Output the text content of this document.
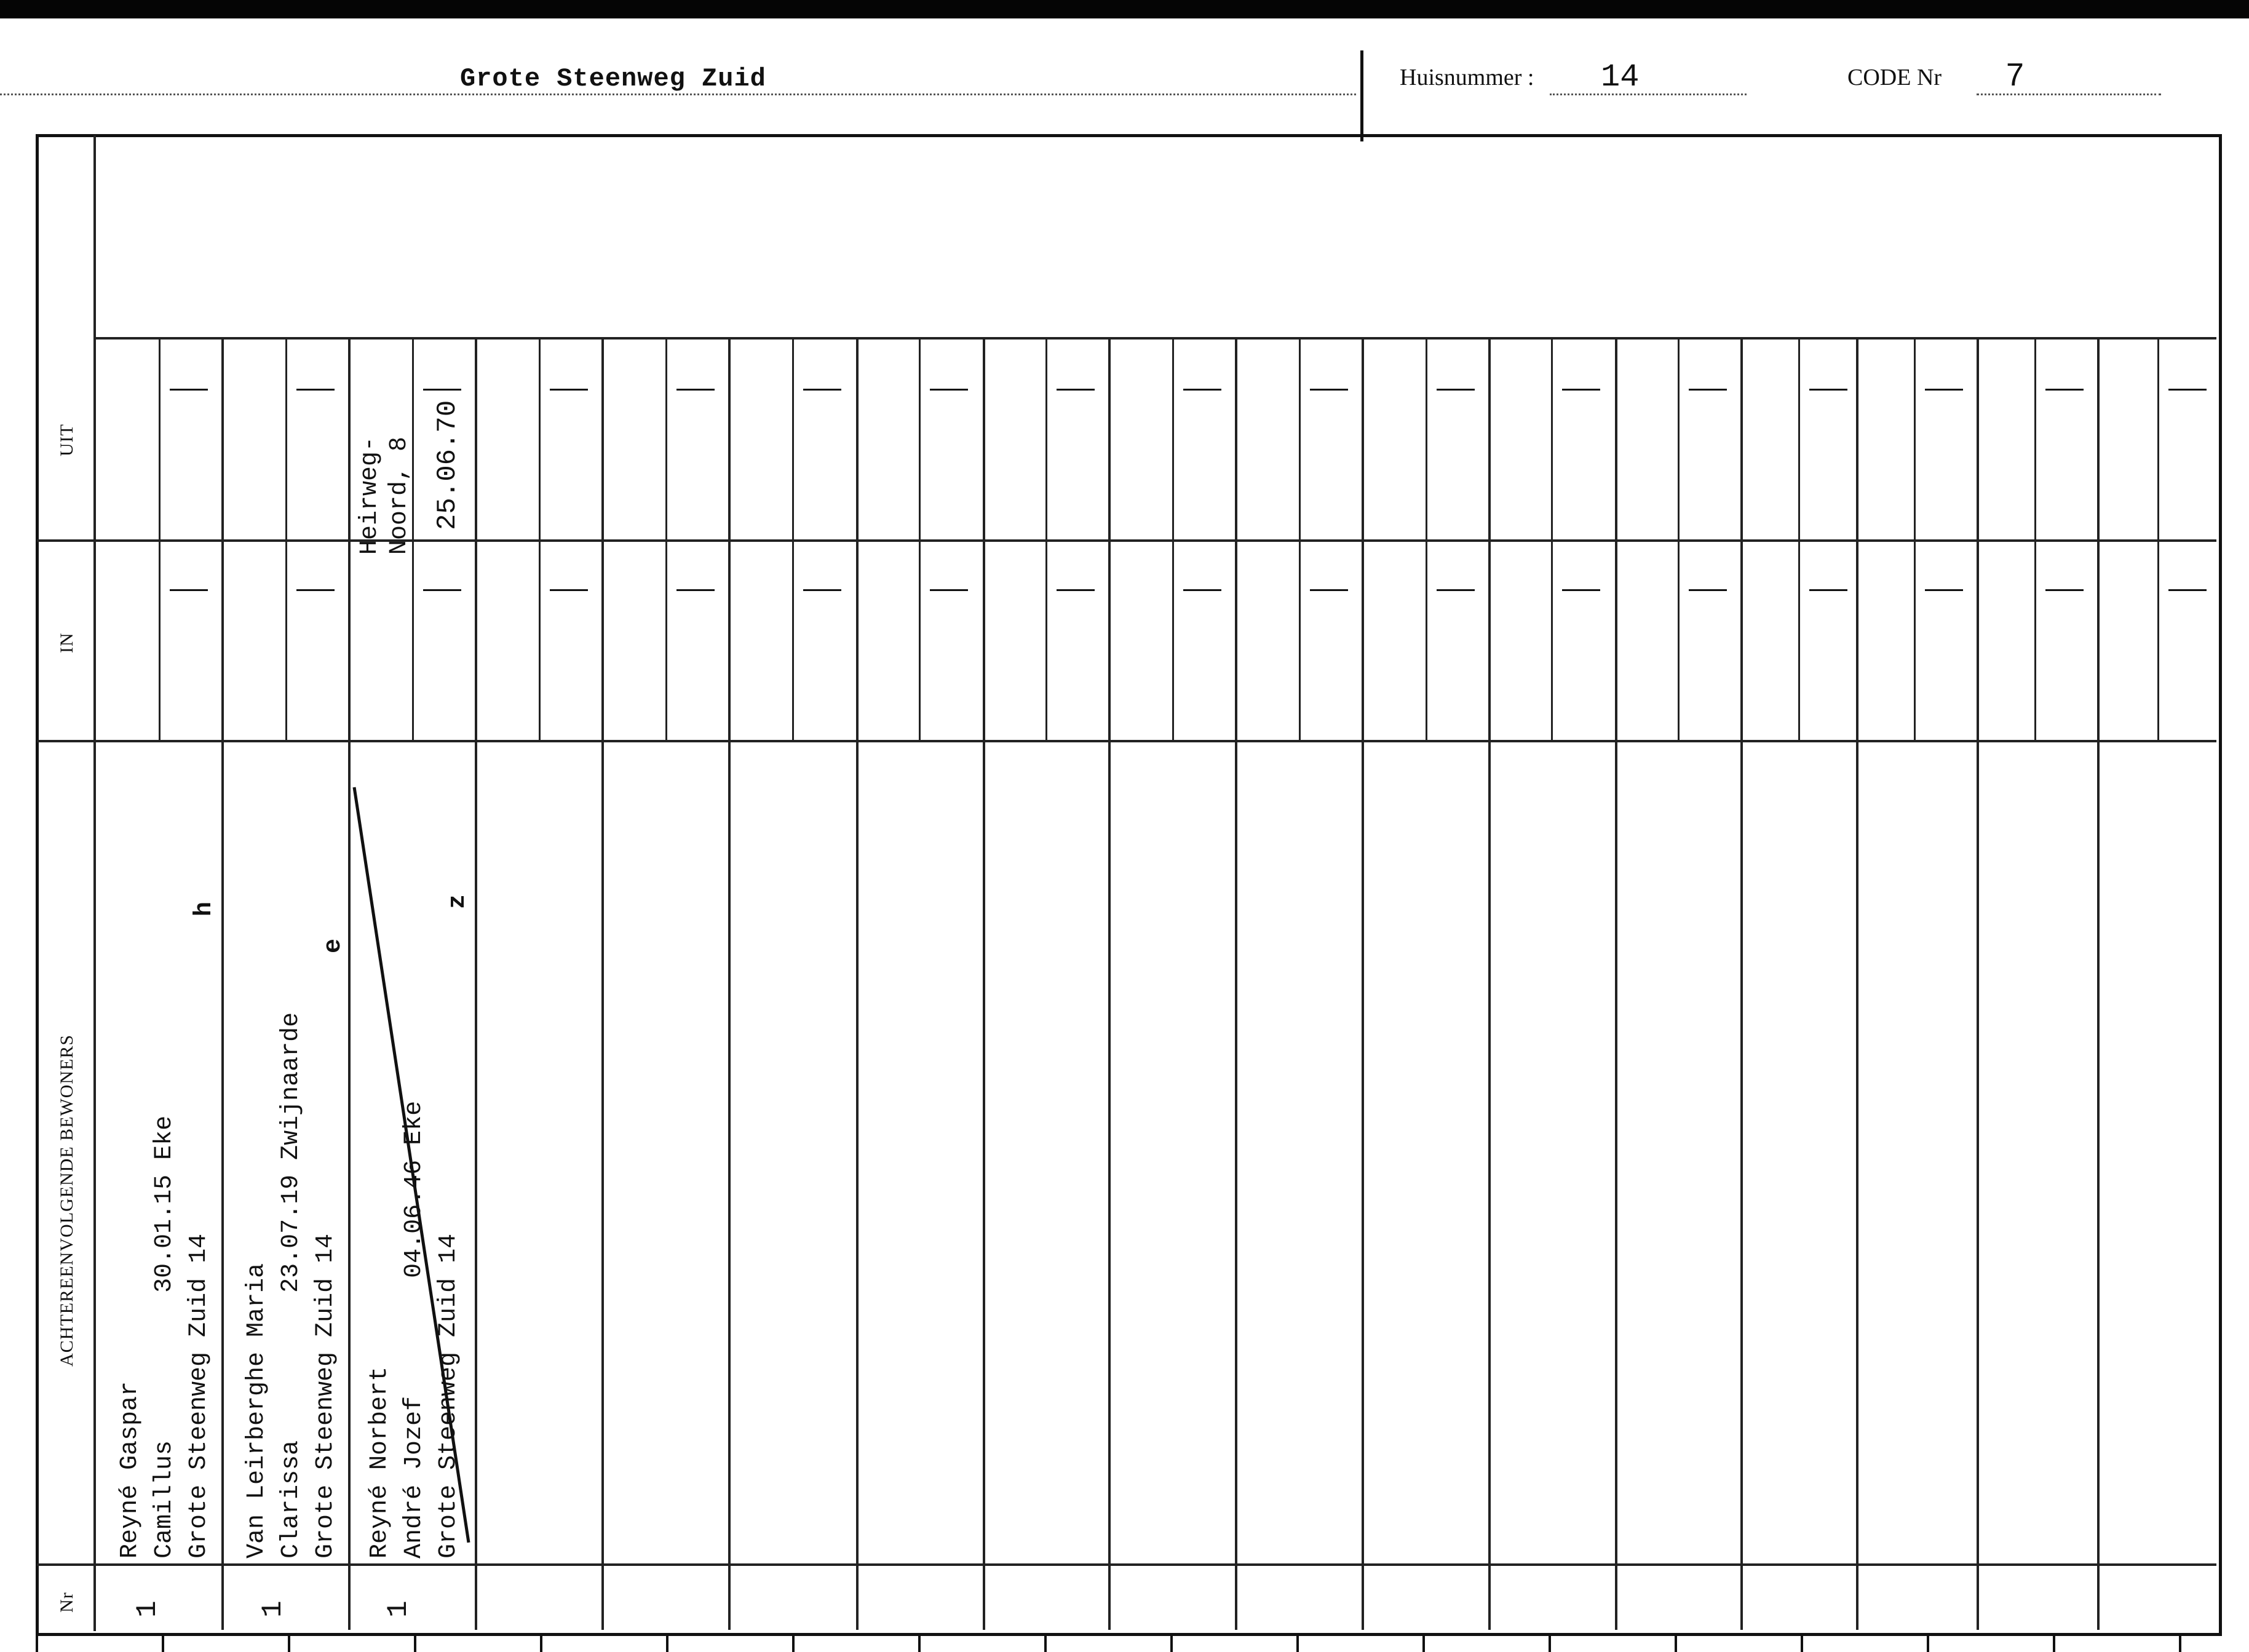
Grote Steenweg Zuid	Huisnummer : 14	CODE Nr 7
UIT
IN
ACHTEREENVOLGENDE BEWONERS
Nr 1
Reyné Gaspar Camillus          30.01.15 Eke Grote Steenweg Zuid 14
h
1
Van Leirberghe Maria Clarissa          23.07.19 Zwijnaarde Grote Steenweg Zuid 14
e
1
Reyné Norbert André Jozef        04.06.46 Eke Grote Steenweg Zuid 14
z
Heirweg- Noord, 8 25.06.70
